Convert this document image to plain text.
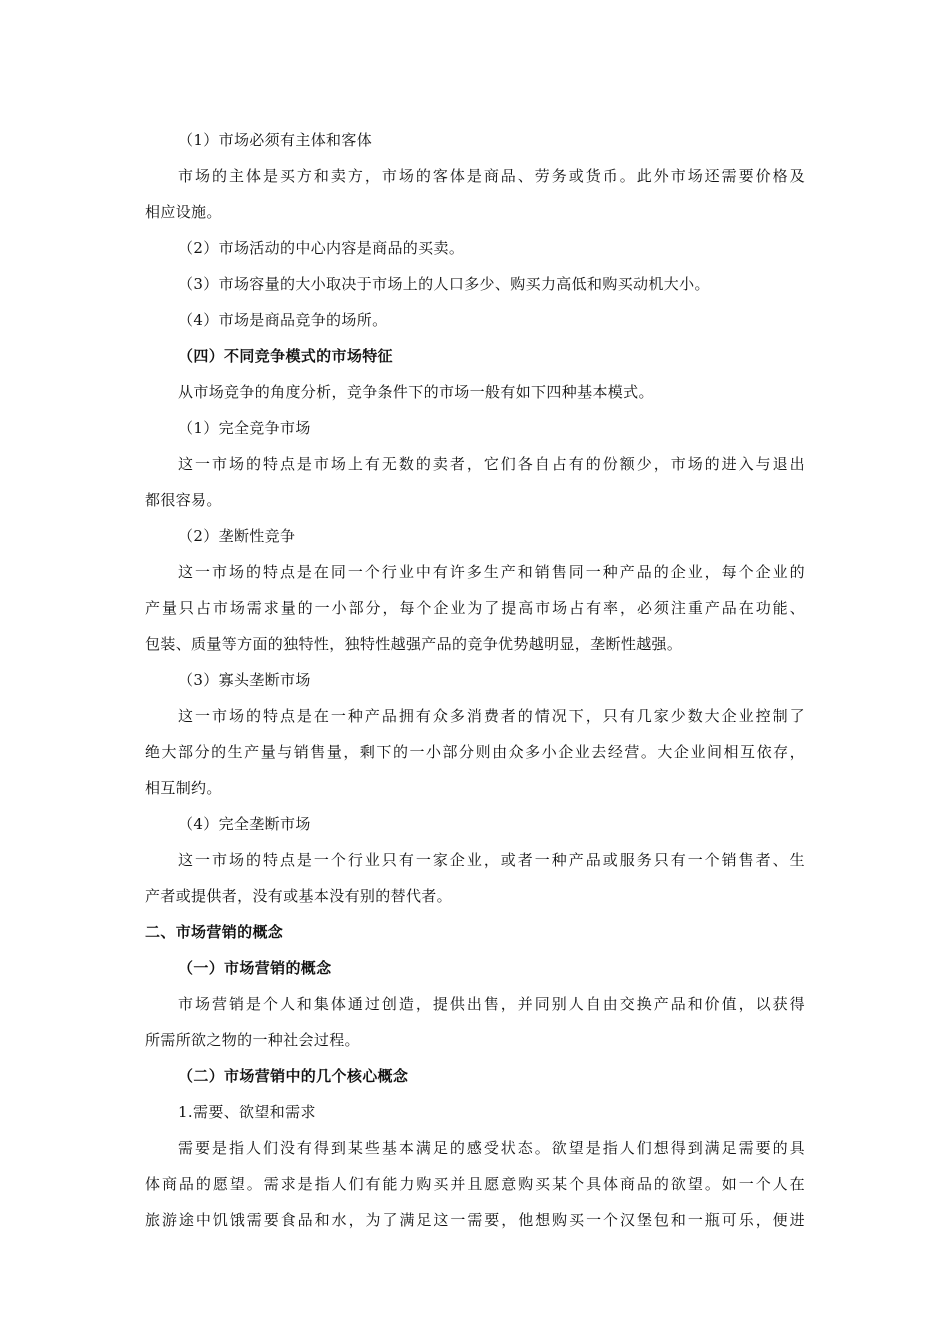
（1）市场必须有主体和客体
市场的主体是买方和卖方，市场的客体是商品、劳务或货币。此外市场还需要价格及
相应设施。
（2）市场活动的中心内容是商品的买卖。
（3）市场容量的大小取决于市场上的人口多少、购买力高低和购买动机大小。
（4）市场是商品竞争的场所。
（四）不同竞争模式的市场特征
从市场竞争的角度分析，竞争条件下的市场一般有如下四种基本模式。
（1）完全竞争市场
这一市场的特点是市场上有无数的卖者，它们各自占有的份额少，市场的进入与退出
都很容易。
（2）垄断性竞争
这一市场的特点是在同一个行业中有许多生产和销售同一种产品的企业，每个企业的
产量只占市场需求量的一小部分，每个企业为了提高市场占有率，必须注重产品在功能、
包装、质量等方面的独特性，独特性越强产品的竞争优势越明显，垄断性越强。
（3）寡头垄断市场
这一市场的特点是在一种产品拥有众多消费者的情况下，只有几家少数大企业控制了
绝大部分的生产量与销售量，剩下的一小部分则由众多小企业去经营。大企业间相互依存，
相互制约。
（4）完全垄断市场
这一市场的特点是一个行业只有一家企业，或者一种产品或服务只有一个销售者、生
产者或提供者，没有或基本没有别的替代者。
二、市场营销的概念
（一）市场营销的概念
市场营销是个人和集体通过创造，提供出售，并同别人自由交换产品和价值，以获得
所需所欲之物的一种社会过程。
（二）市场营销中的几个核心概念
1.需要、欲望和需求
需要是指人们没有得到某些基本满足的感受状态。欲望是指人们想得到满足需要的具
体商品的愿望。需求是指人们有能力购买并且愿意购买某个具体商品的欲望。如一个人在
旅游途中饥饿需要食品和水，为了满足这一需要，他想购买一个汉堡包和一瓶可乐，便进
